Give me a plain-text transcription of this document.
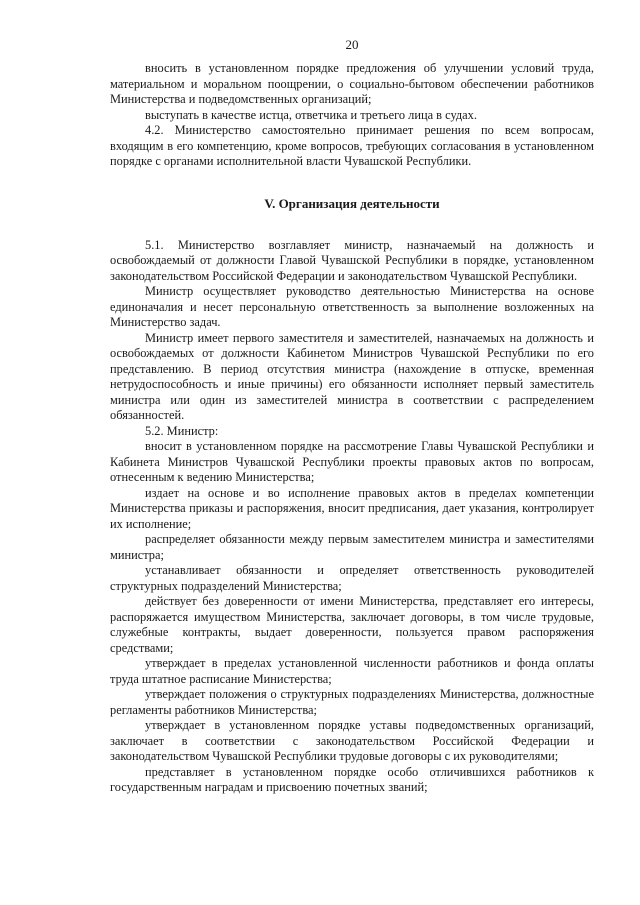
20

вносить в установленном порядке предложения об улучшении условий труда, материальном и моральном поощрении, о социально-бытовом обеспечении работников Министерства и подведомственных организаций;

выступать в качестве истца, ответчика и третьего лица в судах.

4.2. Министерство самостоятельно принимает решения по всем вопросам, входящим в его компетенцию, кроме вопросов, требующих согласования в установленном порядке с органами исполнительной власти Чувашской Республики.

V. Организация деятельности

5.1. Министерство возглавляет министр, назначаемый на должность и освобождаемый от должности Главой Чувашской Республики в порядке, установленном законодательством Российской Федерации и законодательством Чувашской Республики.

Министр осуществляет руководство деятельностью Министерства на основе единоначалия и несет персональную ответственность за выполнение возложенных на Министерство задач.

Министр имеет первого заместителя и заместителей, назначаемых на должность и освобождаемых от должности Кабинетом Министров Чувашской Республики по его представлению. В период отсутствия министра (нахождение в отпуске, временная нетрудоспособность и иные причины) его обязанности исполняет первый заместитель министра или один из заместителей министра в соответствии с распределением обязанностей.

5.2. Министр:

вносит в установленном порядке на рассмотрение Главы Чувашской Республики и Кабинета Министров Чувашской Республики проекты правовых актов по вопросам, отнесенным к ведению Министерства;

издает на основе и во исполнение правовых актов в пределах компетенции Министерства приказы и распоряжения, вносит предписания, дает указания, контролирует их исполнение;

распределяет обязанности между первым заместителем министра и заместителями министра;

устанавливает обязанности и определяет ответственность руководителей структурных подразделений Министерства;

действует без доверенности от имени Министерства, представляет его интересы, распоряжается имуществом Министерства, заключает договоры, в том числе трудовые, служебные контракты, выдает доверенности, пользуется правом распоряжения средствами;

утверждает в пределах установленной численности работников и фонда оплаты труда штатное расписание Министерства;

утверждает положения о структурных подразделениях Министерства, должностные регламенты работников Министерства;

утверждает в установленном порядке уставы подведомственных организаций, заключает в соответствии с законодательством Российской Федерации и законодательством Чувашской Республики трудовые договоры с их руководителями;

представляет в установленном порядке особо отличившихся работников к государственным наградам и присвоению почетных званий;
